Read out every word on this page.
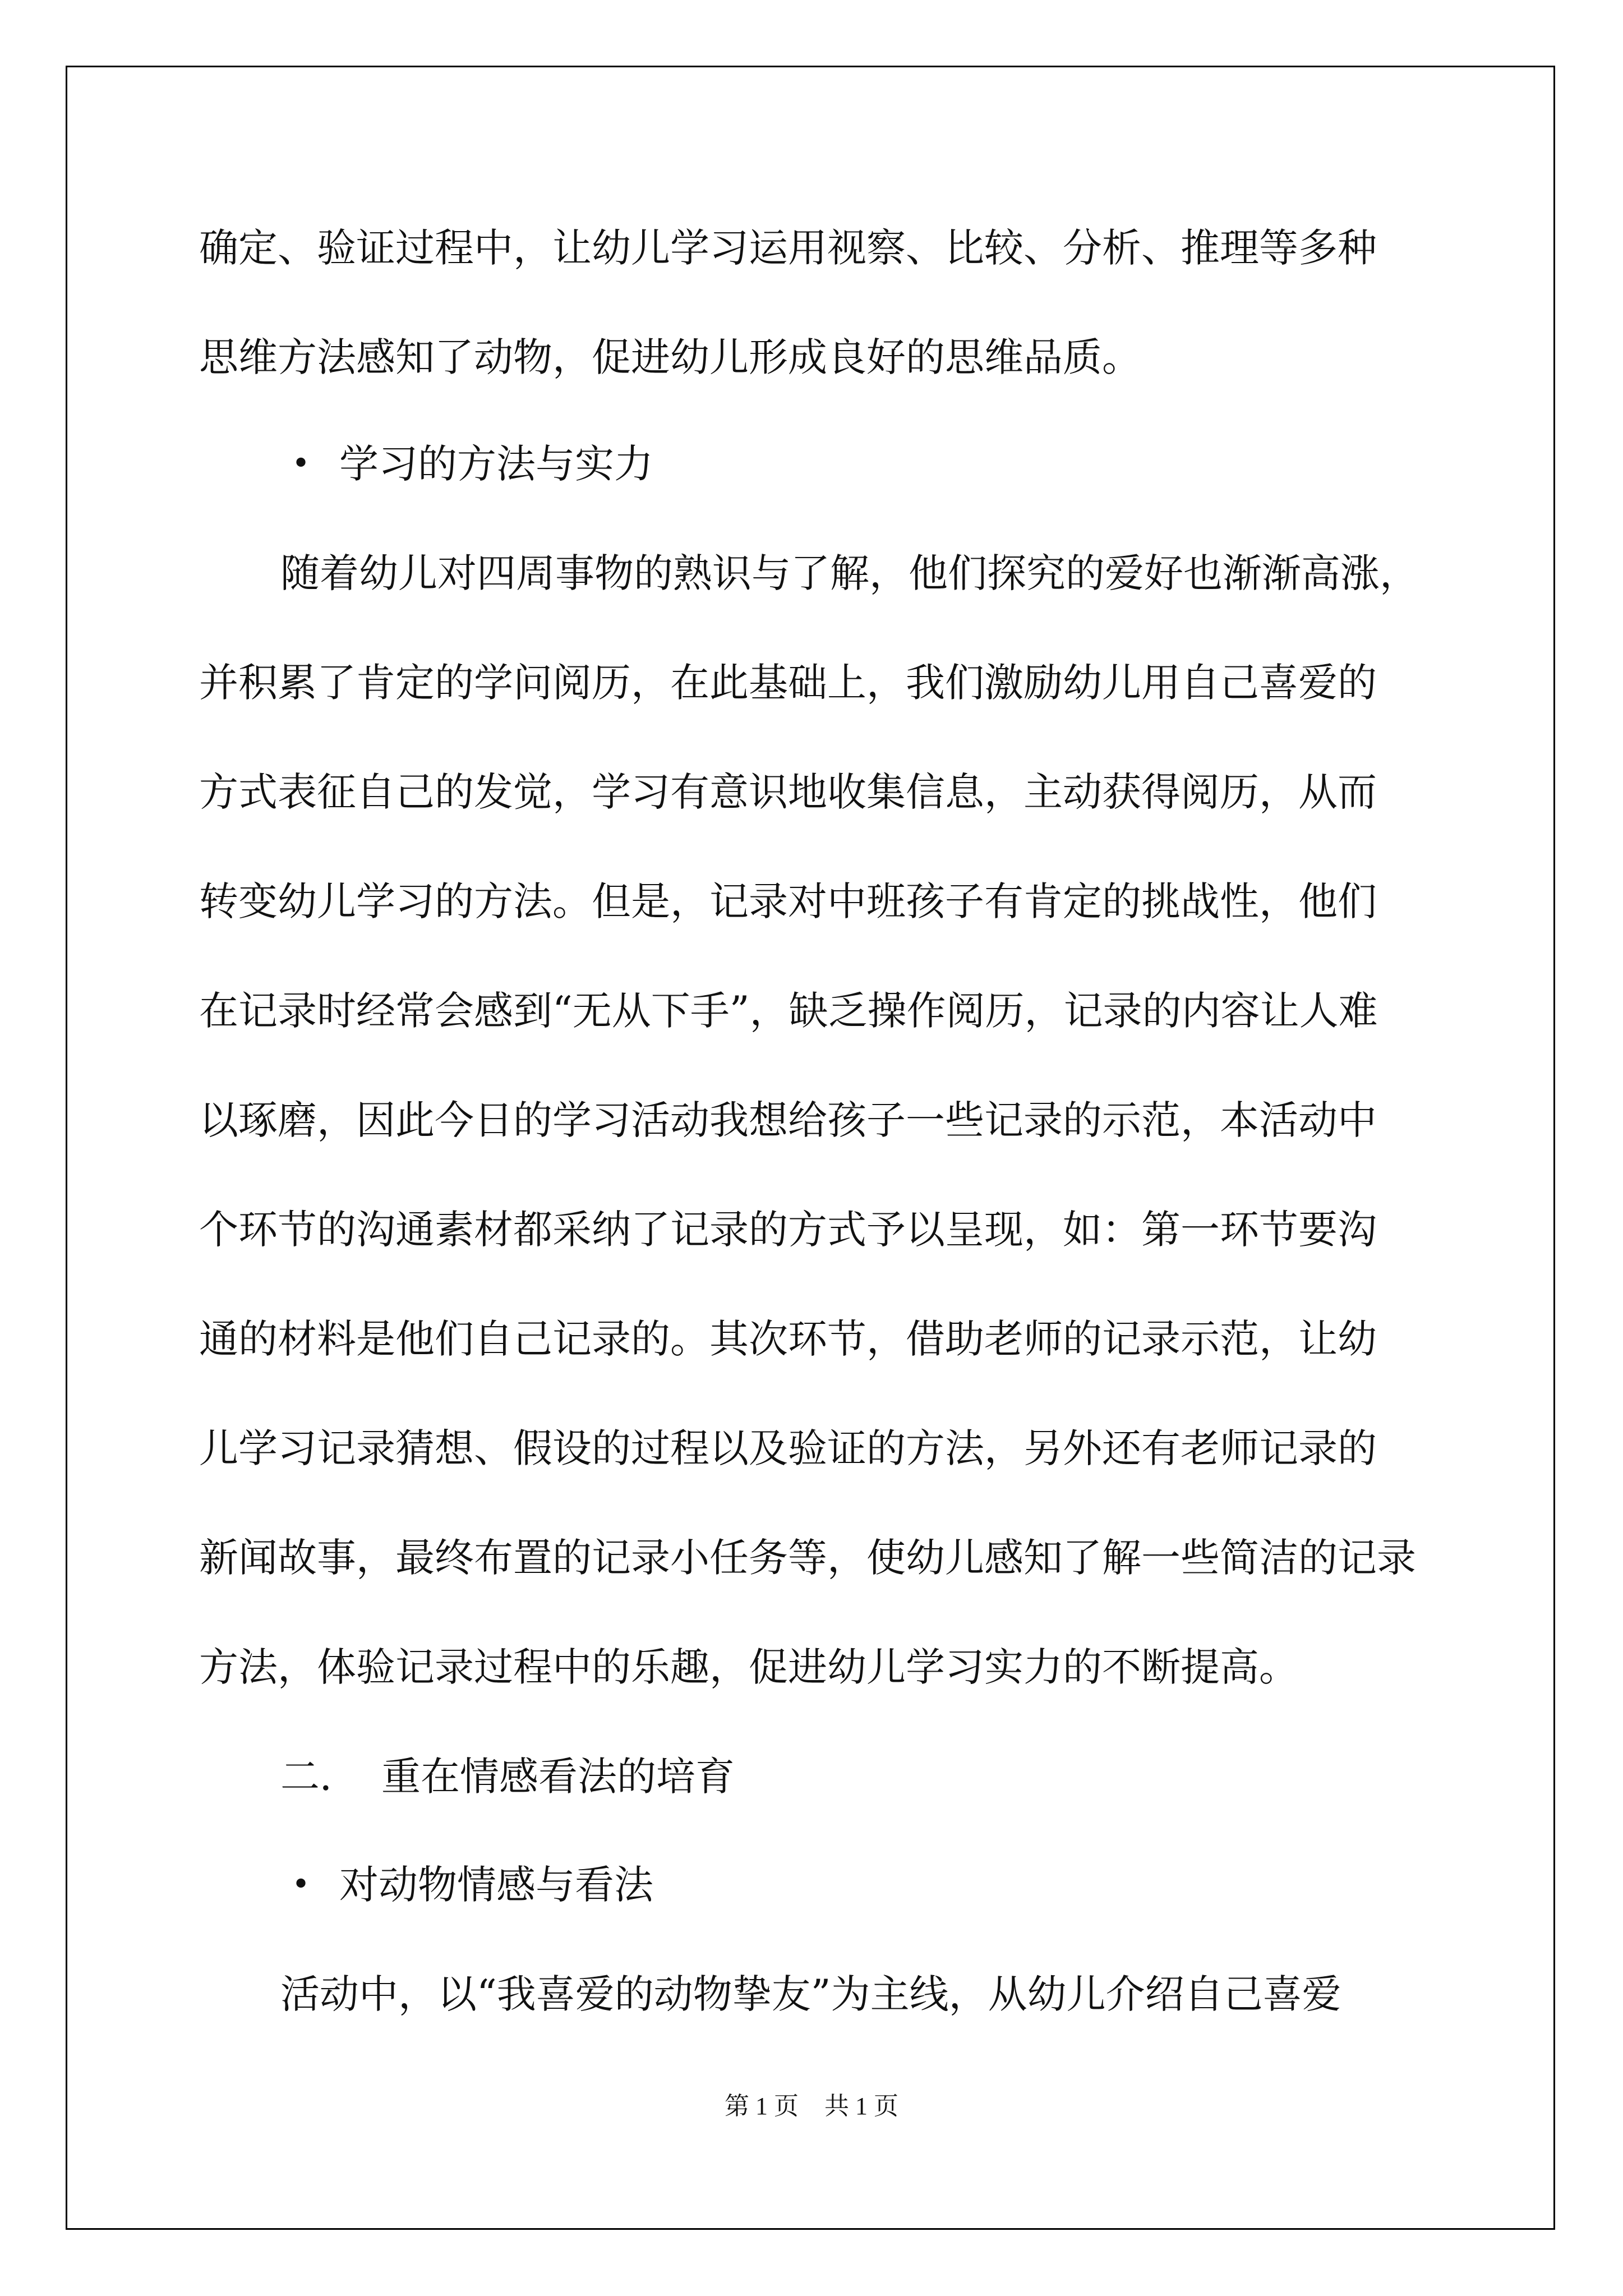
确定、验证过程中，让幼儿学习运用视察、比较、分析、推理等多种
思维方法感知了动物，促进幼儿形成良好的思维品质。
• 学习的方法与实力
随着幼儿对四周事物的熟识与了解，他们探究的爱好也渐渐高涨，
并积累了肯定的学问阅历，在此基础上，我们激励幼儿用自己喜爱的
方式表征自己的发觉，学习有意识地收集信息，主动获得阅历，从而
转变幼儿学习的方法。但是，记录对中班孩子有肯定的挑战性，他们
在记录时经常会感到“无从下手”，缺乏操作阅历，记录的内容让人难
以琢磨，因此今日的学习活动我想给孩子一些记录的示范，本活动中
个环节的沟通素材都采纳了记录的方式予以呈现，如：第一环节要沟
通的材料是他们自己记录的。其次环节，借助老师的记录示范，让幼
儿学习记录猜想、假设的过程以及验证的方法，另外还有老师记录的
新闻故事，最终布置的记录小任务等，使幼儿感知了解一些简洁的记录
方法，体验记录过程中的乐趣，促进幼儿学习实力的不断提高。
二． 重在情感看法的培育
• 对动物情感与看法
活动中，以“我喜爱的动物挚友”为主线，从幼儿介绍自己喜爱
第 1 页 共 1 页
